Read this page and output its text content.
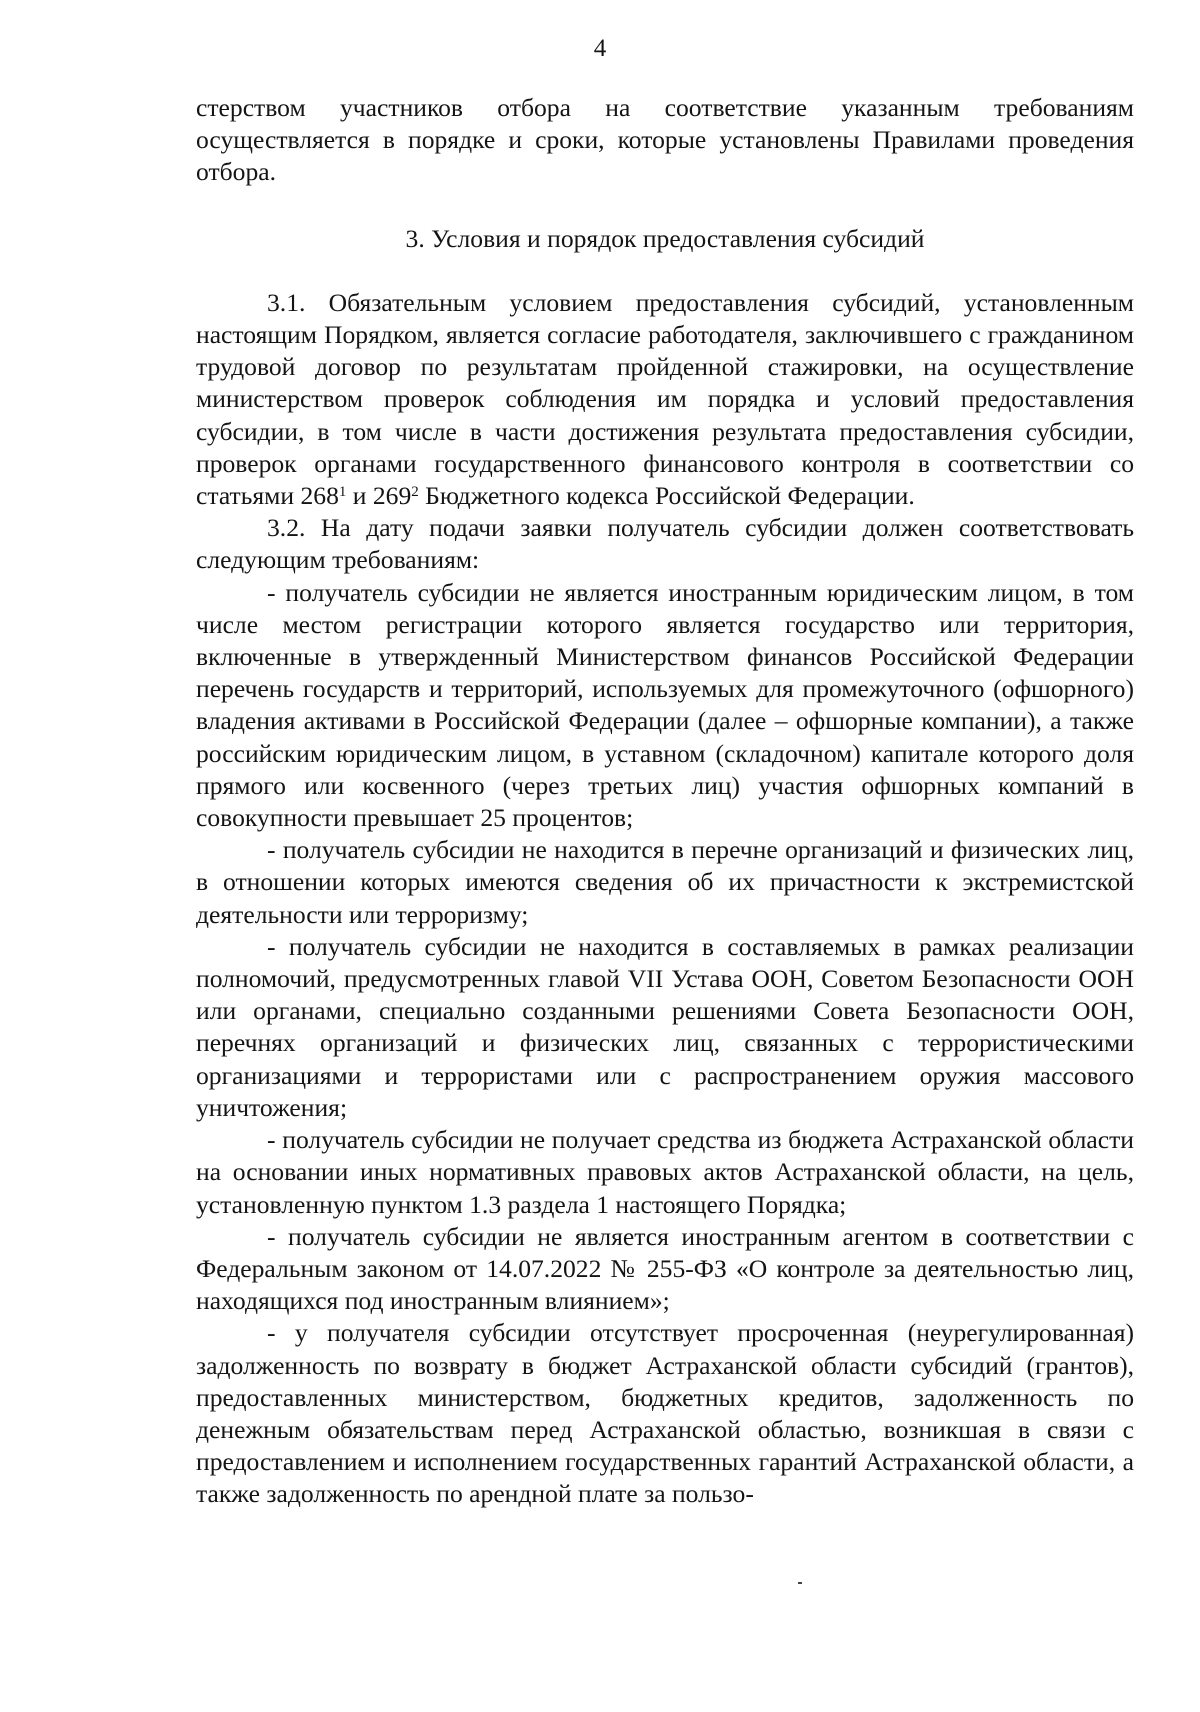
4

стерством участников отбора на соответствие указанным требованиям осуществляется в порядке и сроки, которые установлены Правилами проведения отбора.

3. Условия и порядок предоставления субсидий

3.1. Обязательным условием предоставления субсидий, установленным настоящим Порядком, является согласие работодателя, заключившего с гражданином трудовой договор по результатам пройденной стажировки, на осуществление министерством проверок соблюдения им порядка и условий предоставления субсидии, в том числе в части достижения результата предоставления субсидии, проверок органами государственного финансового контроля в соответствии со статьями $268^1$ и $269^2$ Бюджетного кодекса Российской Федерации.

3.2. На дату подачи заявки получатель субсидии должен соответствовать следующим требованиям:

- получатель субсидии не является иностранным юридическим лицом, в том числе местом регистрации которого является государство или территория, включенные в утвержденный Министерством финансов Российской Федерации перечень государств и территорий, используемых для промежуточного (офшорного) владения активами в Российской Федерации (далее – офшорные компании), а также российским юридическим лицом, в уставном (складочном) капитале которого доля прямого или косвенного (через третьих лиц) участия офшорных компаний в совокупности превышает 25 процентов;

- получатель субсидии не находится в перечне организаций и физических лиц, в отношении которых имеются сведения об их причастности к экстремистской деятельности или терроризму;

- получатель субсидии не находится в составляемых в рамках реализации полномочий, предусмотренных главой VII Устава ООН, Советом Безопасности ООН или органами, специально созданными решениями Совета Безопасности ООН, перечнях организаций и физических лиц, связанных с террористическими организациями и террористами или с распространением оружия массового уничтожения;

- получатель субсидии не получает средства из бюджета Астраханской области на основании иных нормативных правовых актов Астраханской области, на цель, установленную пунктом 1.3 раздела 1 настоящего Порядка;

- получатель субсидии не является иностранным агентом в соответствии с Федеральным законом от 14.07.2022 № 255-ФЗ «О контроле за деятельностью лиц, находящихся под иностранным влиянием»;

- у получателя субсидии отсутствует просроченная (неурегулированная) задолженность по возврату в бюджет Астраханской области субсидий (грантов), предоставленных министерством, бюджетных кредитов, задолженность по денежным обязательствам перед Астраханской областью, возникшая в связи с предоставлением и исполнением государственных гарантий Астраханской области, а также задолженность по арендной плате за пользо-
